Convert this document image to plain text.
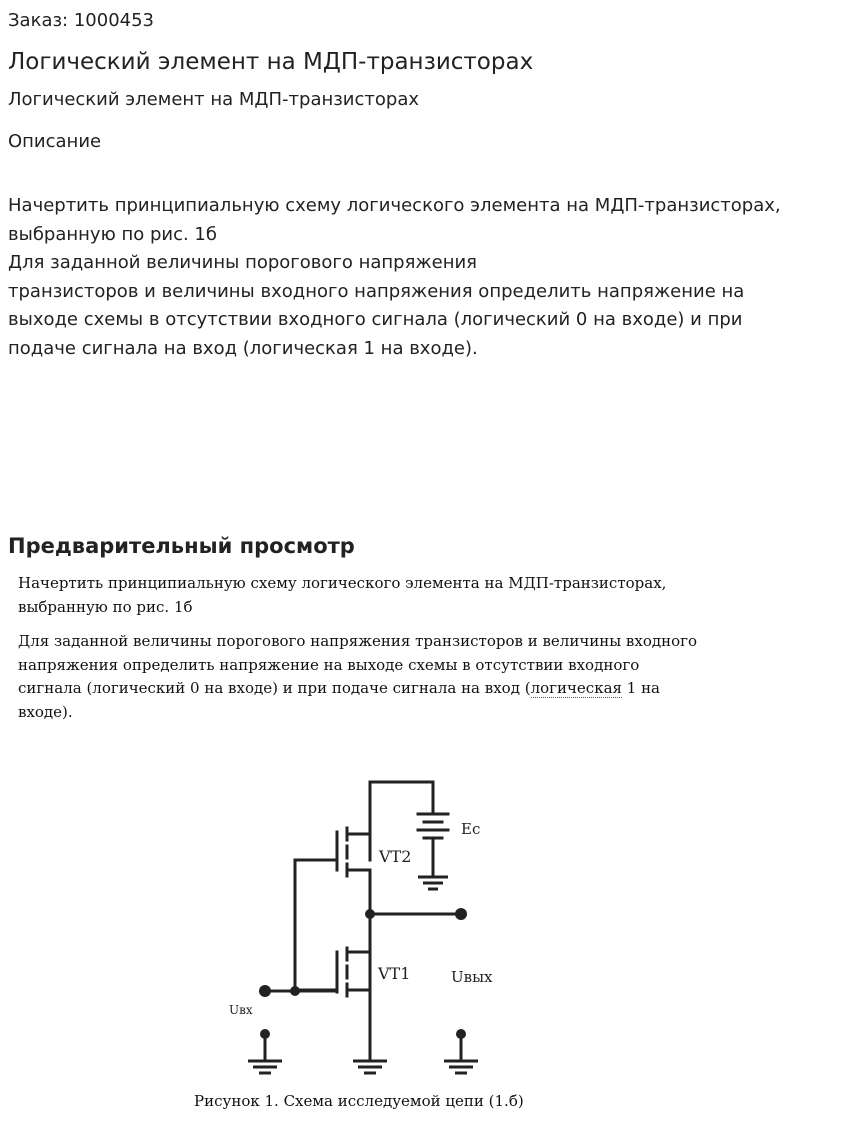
Заказ: 1000453
Логический элемент на МДП-транзисторах
Логический элемент на МДП-транзисторах
Описание
Начертить принципиальную схему логического элемента на МДП-транзисторах,
выбранную по рис. 1б
Для заданной величины порогового напряжения
транзисторов и величины входного напряжения определить напряжение на
выходе схемы в отсутствии входного сигнала (логический 0 на входе) и при
подаче сигнала на вход (логическая 1 на входе).
Предварительный просмотр
Начертить принципиальную схему логического элемента на МДП-транзисторах,
выбранную по рис. 1б
Для заданной величины порогового напряжения транзисторов и величины входного
напряжения определить напряжение на выходе схемы в отсутствии входного
сигнала (логический 0 на входе) и при подаче сигнала на вход (логическая 1 на
входе).
VT2
VT1
Ec
Uвых
Uвх
Рисунок 1. Схема исследуемой цепи (1.б)
